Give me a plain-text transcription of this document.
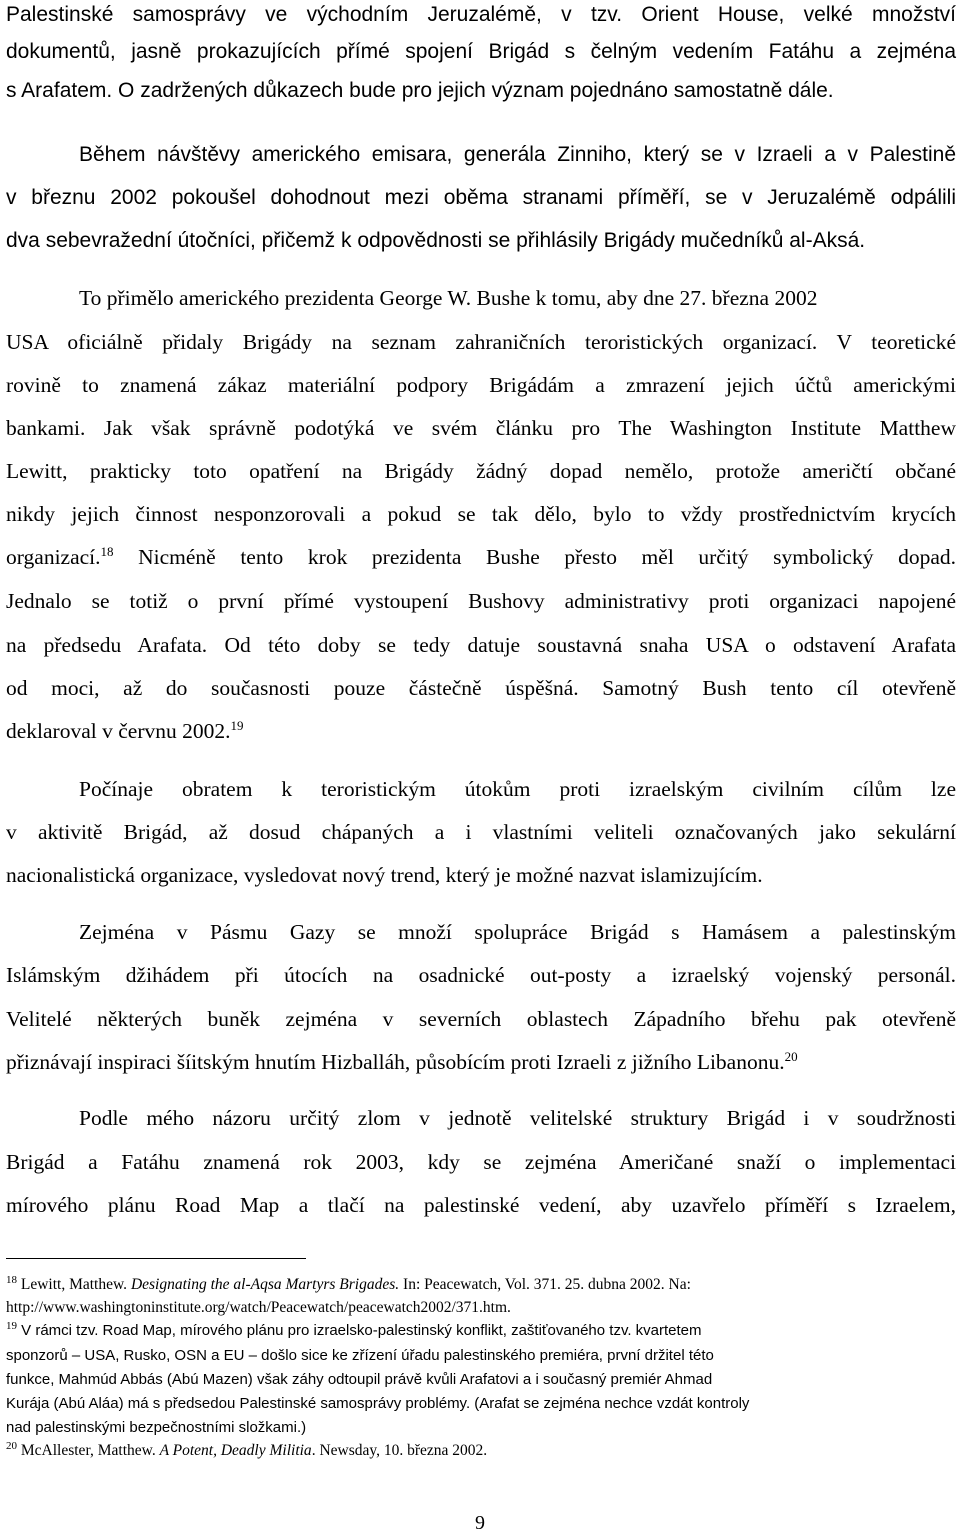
Palestinské samosprávy ve východním Jeruzalémě, v tzv. Orient House, velké množství
dokumentů, jasně prokazujících přímé spojení Brigád s čelným vedením Fatáhu a zejména
s Arafatem. O zadržených důkazech bude pro jejich význam pojednáno samostatně dále.
Během návštěvy amerického emisara, generála Zinniho, který se v Izraeli a v Palestině
v březnu 2002 pokoušel dohodnout mezi oběma stranami příměří, se v Jeruzalémě odpálili
dva sebevražední útočníci, přičemž k odpovědnosti se přihlásily Brigády mučedníků al-Aksá.
To přimělo amerického prezidenta George W. Bushe k tomu, aby dne 27. března 2002
USA oficiálně přidaly Brigády na seznam zahraničních teroristických organizací. V teoretické
rovině to znamená zákaz materiální podpory Brigádám a zmrazení jejich účtů americkými
bankami. Jak však správně podotýká ve svém článku pro The Washington Institute Matthew
Lewitt, prakticky toto opatření na Brigády žádný dopad nemělo, protože američtí občané
nikdy jejich činnost nesponzorovali a pokud se tak dělo, bylo to vždy prostřednictvím krycích
organizací.$^{18}$ Nicméně tento krok prezidenta Bushe přesto měl určitý symbolický dopad.
Jednalo se totiž o první přímé vystoupení Bushovy administrativy proti organizaci napojené
na předsedu Arafata. Od této doby se tedy datuje soustavná snaha USA o odstavení Arafata
od moci, až do současnosti pouze částečně úspěšná. Samotný Bush tento cíl otevřeně
deklaroval v červnu 2002.19
Počínaje obratem k teroristickým útokům proti izraelským civilním cílům lze
v aktivitě Brigád, až dosud chápaných a i vlastními veliteli označovaných jako sekulární
nacionalistická organizace, vysledovat nový trend, který je možné nazvat islamizujícím.
Zejména v Pásmu Gazy se množí spolupráce Brigád s Hamásem a palestinským
Islámským džihádem při útocích na osadnické out-posty a izraelský vojenský personál.
Velitelé některých buněk zejména v severních oblastech Západního břehu pak otevřeně
přiznávají inspiraci šíitským hnutím Hizballáh, působícím proti Izraeli z jižního Libanonu.$^{20}$
Podle mého názoru určitý zlom v jednotě velitelské struktury Brigád i v soudržnosti
Brigád a Fatáhu znamená rok 2003, kdy se zejména Američané snaží o implementaci
mírového plánu Road Map a tlačí na palestinské vedení, aby uzavřelo příměří s Izraelem,
$^{18}$ Lewitt, Matthew. Designating the al-Aqsa Martyrs Brigades. In: Peacewatch, Vol. 371. 25. dubna 2002. Na:
http://www.washingtoninstitute.org/watch/Peacewatch/peacewatch2002/371.htm.
$^{19}$ V rámci tzv. Road Map, mírového plánu pro izraelsko-palestinský konflikt, zaštiťovaného tzv. kvartetem
sponzorů – USA, Rusko, OSN a EU – došlo sice ke zřízení úřadu palestinského premiéra, první držitel této
funkce, Mahmúd Abbás (Abú Mazen) však záhy odtoupil právě kvůli Arafatovi a i současný premiér Ahmad
Kurája (Abú Aláa) má s předsedou Palestinské samosprávy problémy. (Arafat se zejména nechce vzdát kontroly
nad palestinskými bezpečnostními složkami.)
$^{20}$ McAllester, Matthew. A Potent, Deadly Militia. Newsday, 10. března 2002.
9
